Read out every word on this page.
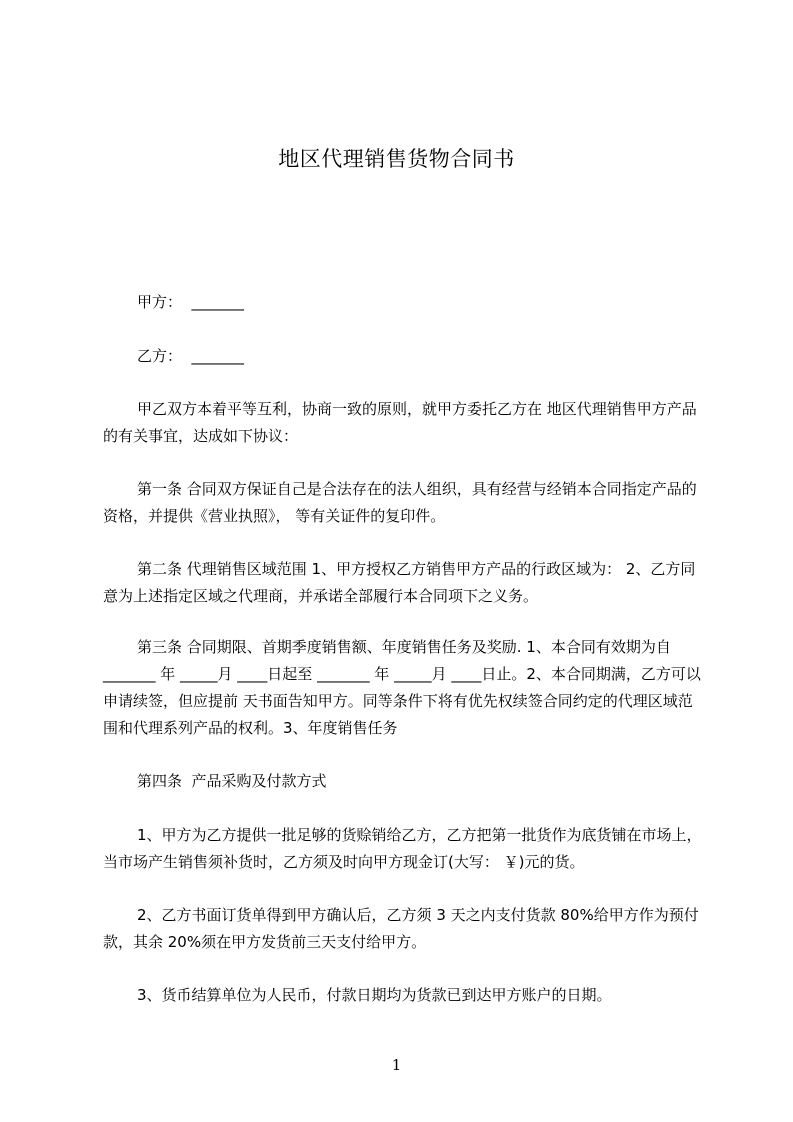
地区代理销售货物合同书
甲方：  _______
乙方：  _______
甲乙双方本着平等互利，协商一致的原则，就甲方委托乙方在 地区代理销售甲方产品的有关事宜，达成如下协议：
第一条 合同双方保证自己是合法存在的法人组织，具有经营与经销本合同指定产品的资格，并提供《营业执照》， 等有关证件的复印件。
第二条 代理销售区域范围 1、甲方授权乙方销售甲方产品的行政区域为： 2、乙方同意为上述指定区域之代理商，并承诺全部履行本合同项下之义务。
第三条 合同期限、首期季度销售额、年度销售任务及奖励. 1、本合同有效期为自 _______ 年 _____月 ____日起至 _______ 年 _____月 ____日止。2、本合同期满，乙方可以申请续签，但应提前 天书面告知甲方。同等条件下将有优先权续签合同约定的代理区域范围和代理系列产品的权利。3、年度销售任务
第四条  产品采购及付款方式
1、甲方为乙方提供一批足够的货赊销给乙方，乙方把第一批货作为底货铺在市场上，当市场产生销售须补货时，乙方须及时向甲方现金订(大写： ￥)元的货。
2、乙方书面订货单得到甲方确认后，乙方须 3 天之内支付货款 80%给甲方作为预付款，其余 20%须在甲方发货前三天支付给甲方。
3、货币结算单位为人民币，付款日期均为货款已到达甲方账户的日期。
1
